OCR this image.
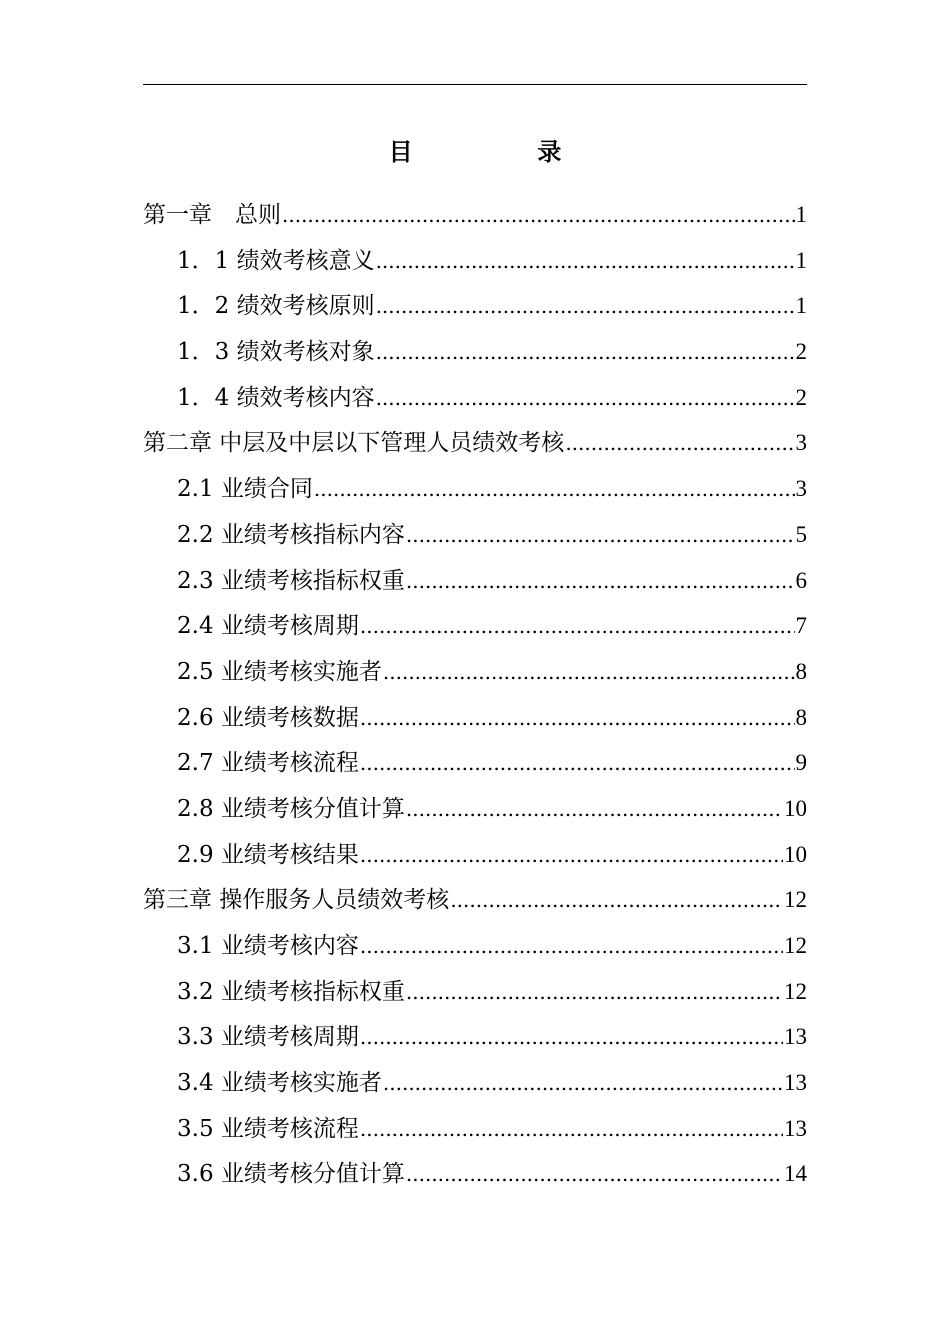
目  录
第一章　总则 .....	1
1．1 绩效考核意义 .....	1
1．2 绩效考核原则 .....	1
1．3 绩效考核对象 .....	2
1．4 绩效考核内容 .....	2
第二章 中层及中层以下管理人员绩效考核 .....	3
2.1 业绩合同 .....	3
2.2 业绩考核指标内容 .....	5
2.3 业绩考核指标权重 .....	6
2.4 业绩考核周期 .....	7
2.5 业绩考核实施者 .....	8
2.6 业绩考核数据 .....	8
2.7 业绩考核流程 .....	9
2.8 业绩考核分值计算 .....	10
2.9 业绩考核结果 .....	10
第三章 操作服务人员绩效考核 .....	12
3.1 业绩考核内容 .....	12
3.2 业绩考核指标权重 .....	12
3.3 业绩考核周期 .....	13
3.4 业绩考核实施者 .....	13
3.5 业绩考核流程 .....	13
3.6 业绩考核分值计算 .....	14
